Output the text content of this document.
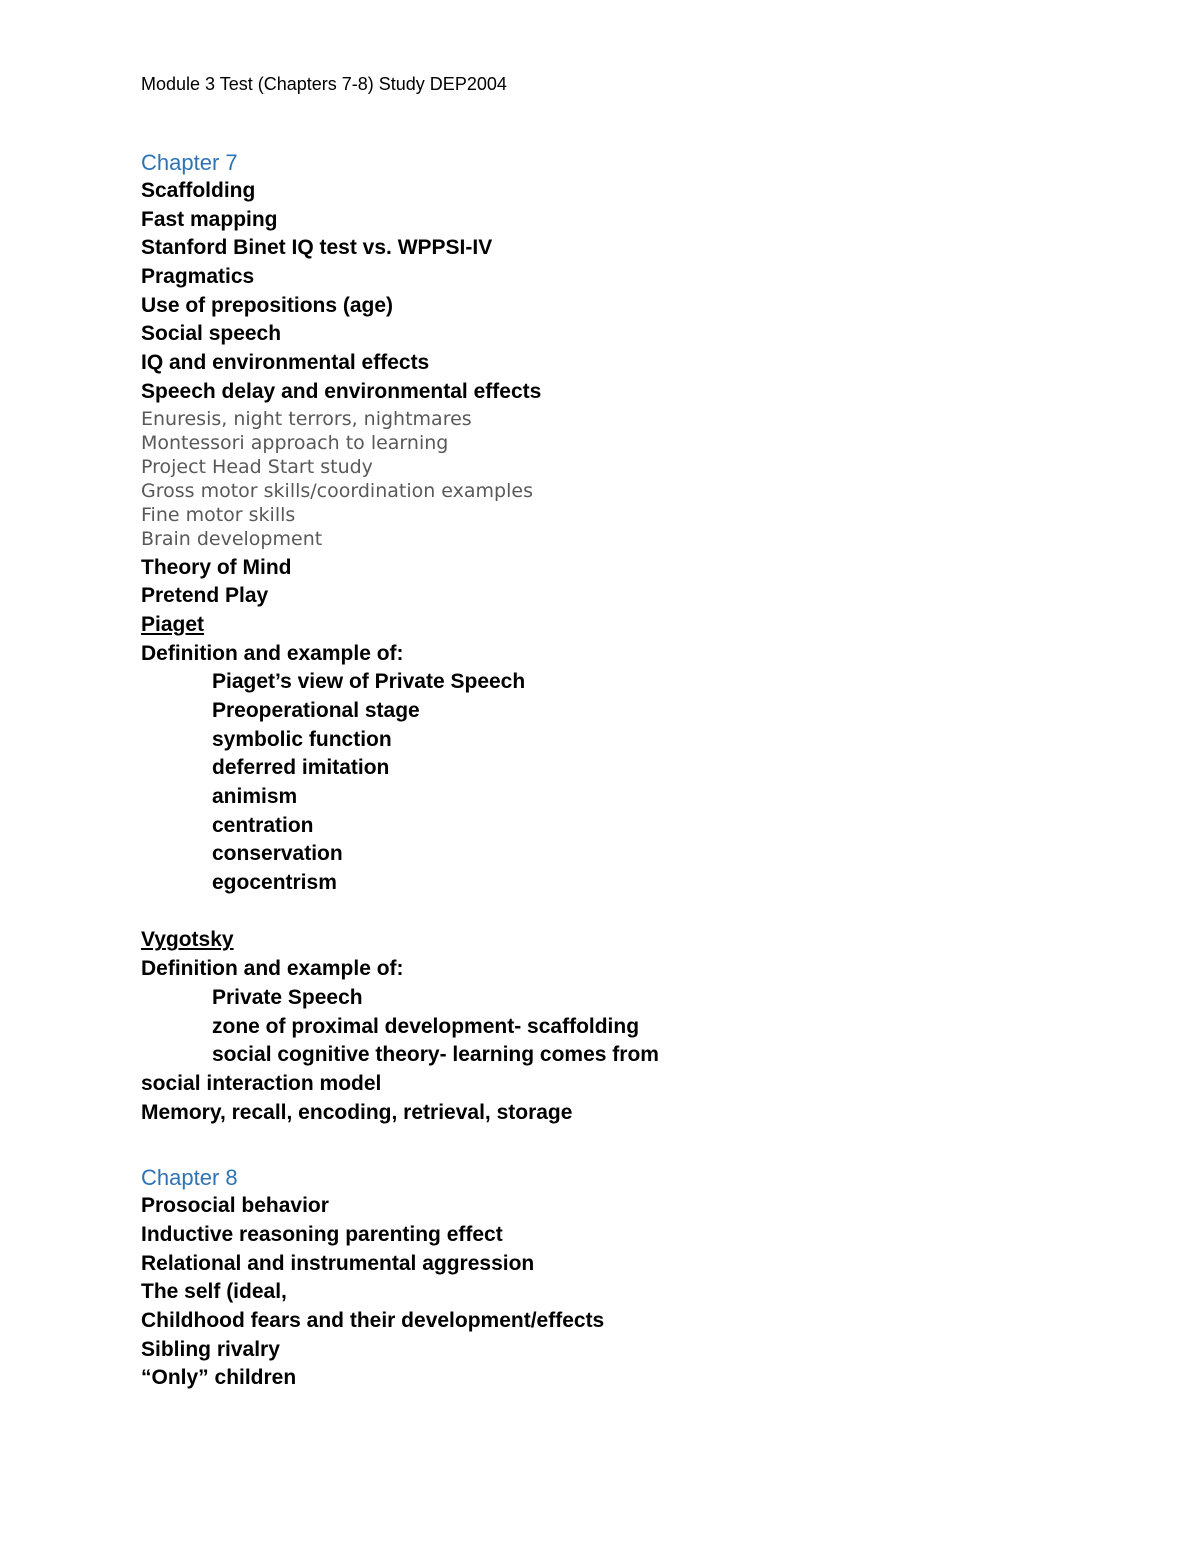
Module 3 Test (Chapters 7-8) Study DEP2004
Chapter 7
Scaffolding
Fast mapping
Stanford Binet IQ test vs. WPPSI-IV
Pragmatics
Use of prepositions (age)
Social speech
IQ and environmental effects
Speech delay and environmental effects
Enuresis, night terrors, nightmares
Montessori approach to learning
Project Head Start study
Gross motor skills/coordination examples
Fine motor skills
Brain development
Theory of Mind
Pretend Play
Piaget
Definition and example of:
Piaget’s view of Private Speech
Preoperational stage
symbolic function
deferred imitation
animism
centration
conservation
egocentrism
Vygotsky
Definition and example of:
Private Speech
zone of proximal development- scaffolding
social cognitive theory- learning comes from
social interaction model
Memory, recall, encoding, retrieval, storage
Chapter 8
Prosocial behavior
Inductive reasoning parenting effect
Relational and instrumental aggression
The self (ideal,
Childhood fears and their development/effects
Sibling rivalry
“Only” children
